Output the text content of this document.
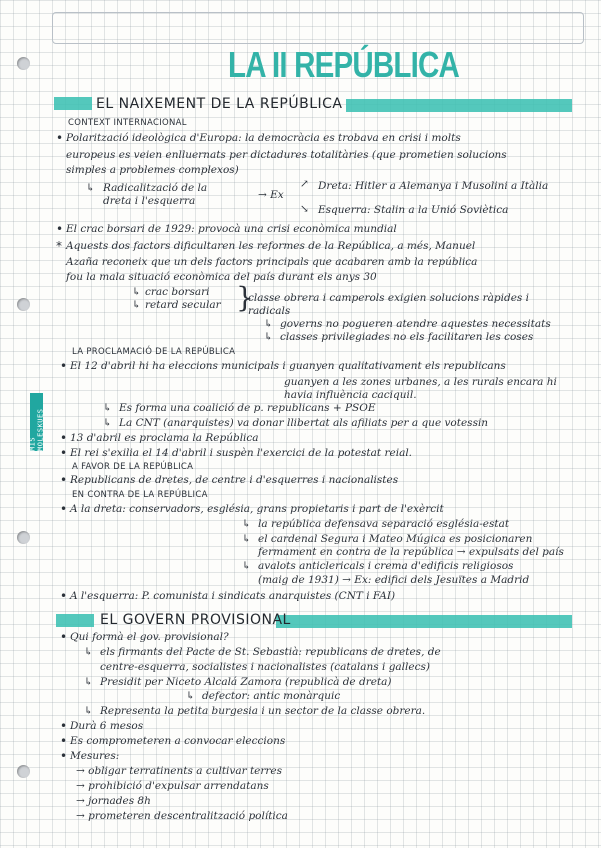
MIS MOLESKUES
LA II REPÚBLICA
EL NAIXEMENT DE LA REPÚBLICA
CONTEXT INTERNACIONAL
• Polarització ideològica d'Europa: la democràcia es trobava en crisi i molts
europeus es veien enlluernats per dictadures totalitàries (que prometien solucions
simples a problemes complexos)
↳ Radicalització de la
dreta i l'esquerra	→ Ex
↗ Dreta: Hitler a Alemanya i Musolini a Itàlia
↘ Esquerra: Stalin a la Unió Soviètica
• El crac borsari de 1929: provocà una crisi econòmica mundial
* Aquests dos factors dificultaren les reformes de la República, a més, Manuel
Azaña reconeix que un dels factors principals que acabaren amb la república
fou la mala situació econòmica del país durant els anys 30
↳ crac borsari
↳ retard secular }
classe obrera i camperols exigien solucions ràpides i
radicals
↳ governs no pogueren atendre aquestes necessitats
↳ classes privilegiades no els facilitaren les coses
LA PROCLAMACIÓ DE LA REPÚBLICA
• El 12 d'abril hi ha eleccions municipals i guanyen qualitativament els republicans
guanyen a les zones urbanes, a les rurals encara hi
havia influència caciquil.
↳ Es forma una coalició de p. republicans + PSOE
↳ La CNT (anarquistes) va donar llibertat als afiliats per a que votessin
• 13 d'abril es proclama la República
• El rei s'exilia el 14 d'abril i suspèn l'exercici de la potestat reial.
A FAVOR DE LA REPÚBLICA
• Republicans de dretes, de centre i d'esquerres i nacionalistes
EN CONTRA DE LA REPÚBLICA
• A la dreta: conservadors, església, grans propietaris i part de l'exèrcit
↳ la república defensava separació església-estat
↳ el cardenal Segura i Mateo Múgica es posicionaren
fermament en contra de la república → expulsats del país
↳ avalots anticlericals i crema d'edificis religiosos
(maig de 1931) → Ex: edifici dels Jesuïtes a Madrid
• A l'esquerra: P. comunista i sindicats anarquistes (CNT i FAI)
EL GOVERN PROVISIONAL
• Qui formà el gov. provisional?
↳ els firmants del Pacte de St. Sebastià: republicans de dretes, de
centre-esquerra, socialistes i nacionalistes (catalans i gallecs)
↳ Presidit per Niceto Alcalá Zamora (republicà de dreta)
↳ defector: antic monàrquic
↳ Representa la petita burgesia i un sector de la classe obrera.
• Durà 6 mesos
• Es comprometeren a convocar eleccions
• Mesures:
→ obligar terratinents a cultivar terres
→ prohibició d'expulsar arrendatans
→ jornades 8h
→ prometeren descentralització política
